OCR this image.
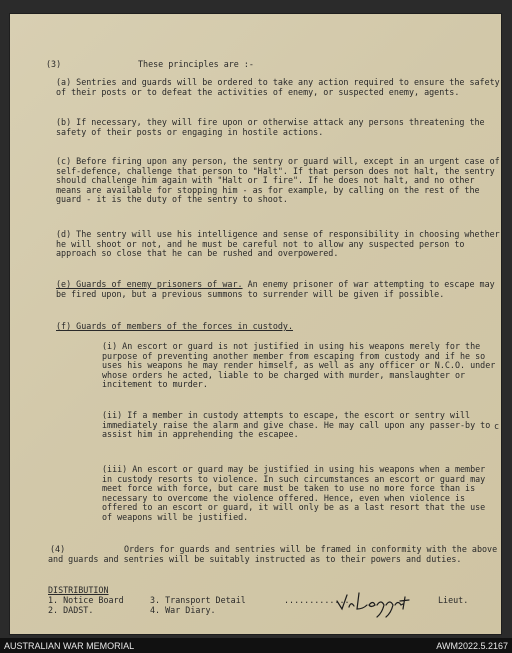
(3)	These principles are :-
(a) Sentries and guards will be ordered to take any action required to ensure the safety of their posts or to defeat the activities of enemy, or suspected enemy, agents.
(b) If necessary, they will fire upon or otherwise attack any persons threatening the safety of their posts or engaging in hostile actions.
(c) Before firing upon any person, the sentry or guard will, except in an urgent case of self-defence, challenge that person to "Halt". If that person does not halt, the sentry should challenge him again with "Halt or I fire". If he does not halt, and no other means are available for stopping him - as for example, by calling on the rest of the guard - it is the duty of the sentry to shoot.
(d) The sentry will use his intelligence and sense of responsibility in choosing whether he will shoot or not, and he must be careful not to allow any suspected person to approach so close that he can be rushed and overpowered.
(e) Guards of enemy prisoners of war. An enemy prisoner of war attempting to escape may be fired upon, but a previous summons to surrender will be given if possible.
(f) Guards of members of the forces in custody.
(i) An escort or guard is not justified in using his weapons merely for the purpose of preventing another member from escaping from custody and if he so uses his weapons he may render himself, as well as any officer or N.C.O. under whose orders he acted, liable to be charged with murder, manslaughter or incitement to murder.
(ii) If a member in custody attempts to escape, the escort or sentry will immediately raise the alarm and give chase. He may call upon any passer-by to assist him in apprehending the escapee.
(iii) An escort or guard may be justified in using his weapons when a member in custody resorts to violence. In such circumstances an escort or guard may meet force with force, but care must be taken to use no more force than is necessary to overcome the violence offered. Hence, even when violence is offered to an escort or guard, it will only be as a last resort that the use of weapons will be justified.
(4)	Orders for guards and sentries will be framed in conformity with the above and guards and sentries will be suitably instructed as to their powers and duties.
DISTRIBUTION
1. Notice Board
2. DADST.
3. Transport Detail
4. War Diary.
.............	Lieut.
c
AUSTRALIAN WAR MEMORIAL	AWM2022.5.2167
